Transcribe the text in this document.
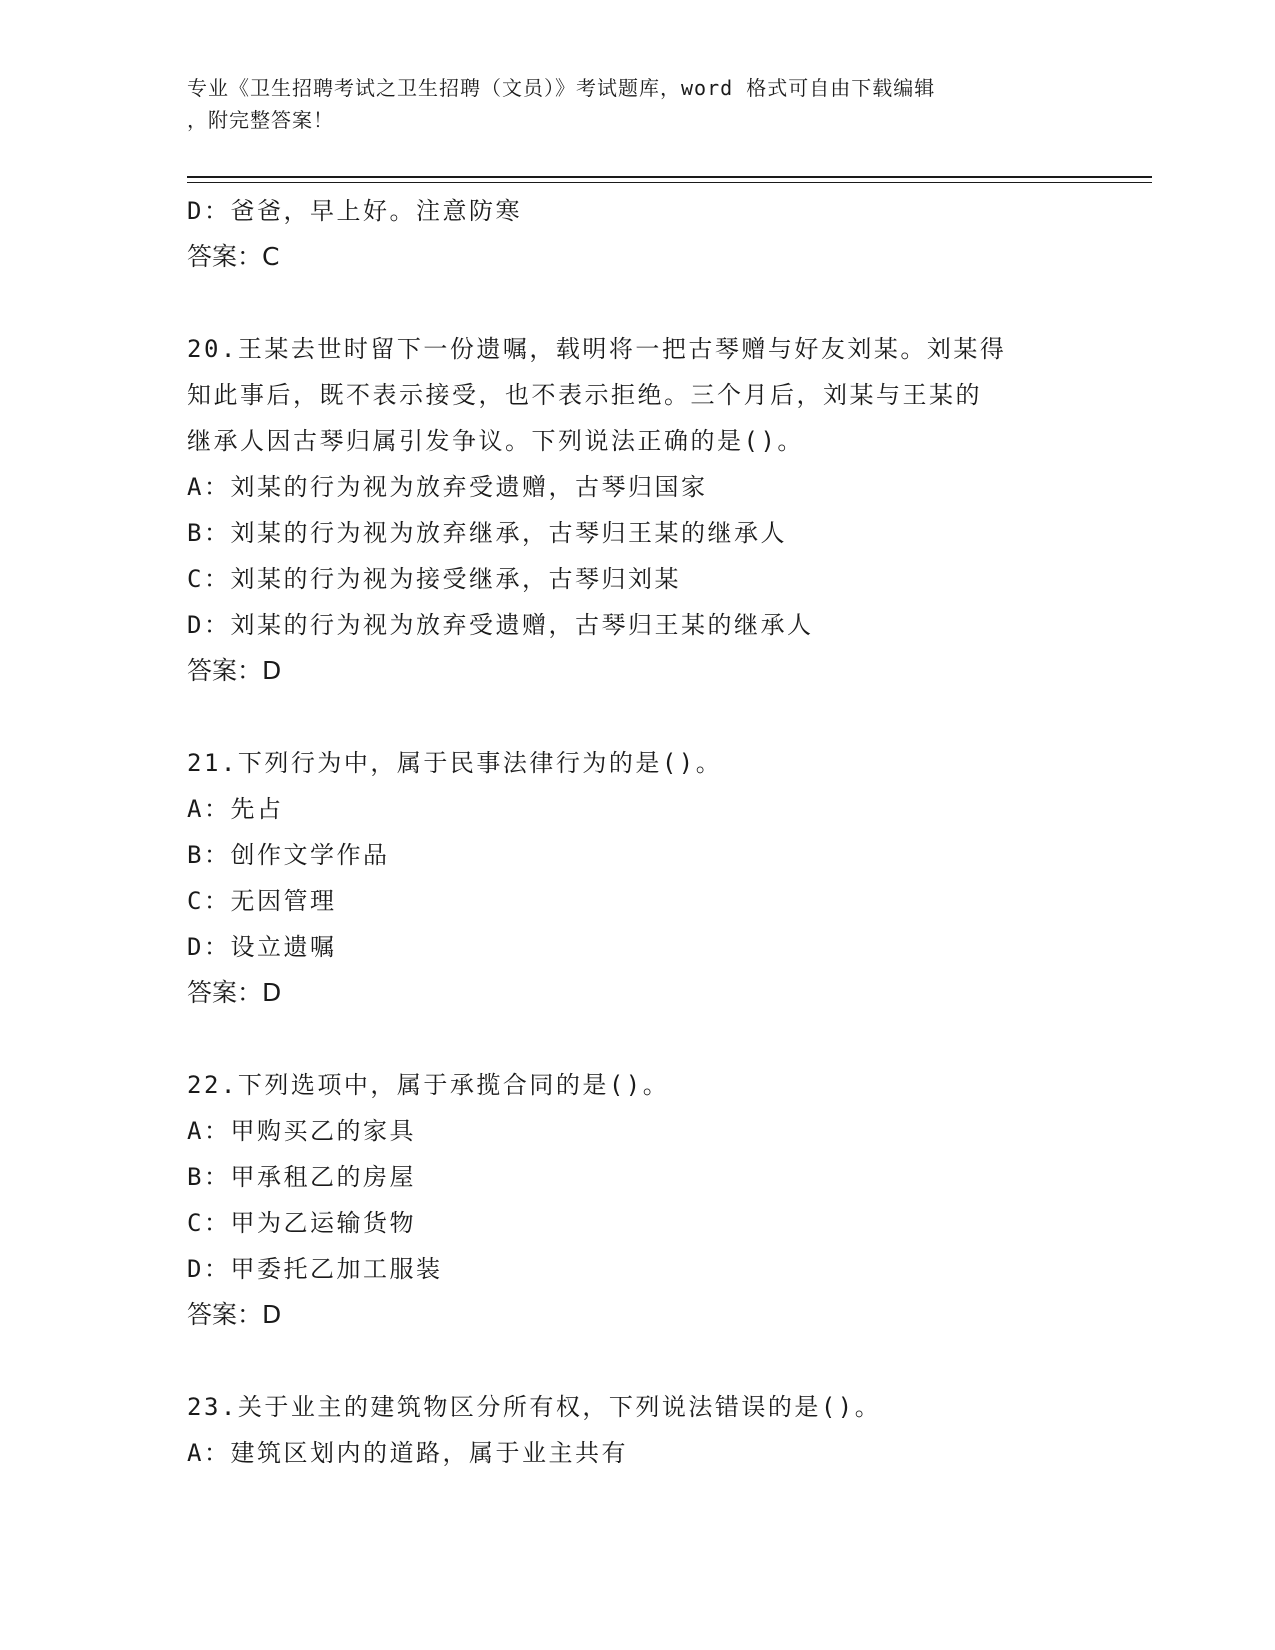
专业《卫生招聘考试之卫生招聘（文员）》考试题库，word 格式可自由下载编辑
，附完整答案！
D：爸爸，早上好。注意防寒
答案：C
20.王某去世时留下一份遗嘱，载明将一把古琴赠与好友刘某。刘某得
知此事后，既不表示接受，也不表示拒绝。三个月后，刘某与王某的
继承人因古琴归属引发争议。下列说法正确的是()。
A：刘某的行为视为放弃受遗赠，古琴归国家
B：刘某的行为视为放弃继承，古琴归王某的继承人
C：刘某的行为视为接受继承，古琴归刘某
D：刘某的行为视为放弃受遗赠，古琴归王某的继承人
答案：D
21.下列行为中，属于民事法律行为的是()。
A：先占
B：创作文学作品
C：无因管理
D：设立遗嘱
答案：D
22.下列选项中，属于承揽合同的是()。
A：甲购买乙的家具
B：甲承租乙的房屋
C：甲为乙运输货物
D：甲委托乙加工服装
答案：D
23.关于业主的建筑物区分所有权，下列说法错误的是()。
A：建筑区划内的道路，属于业主共有
